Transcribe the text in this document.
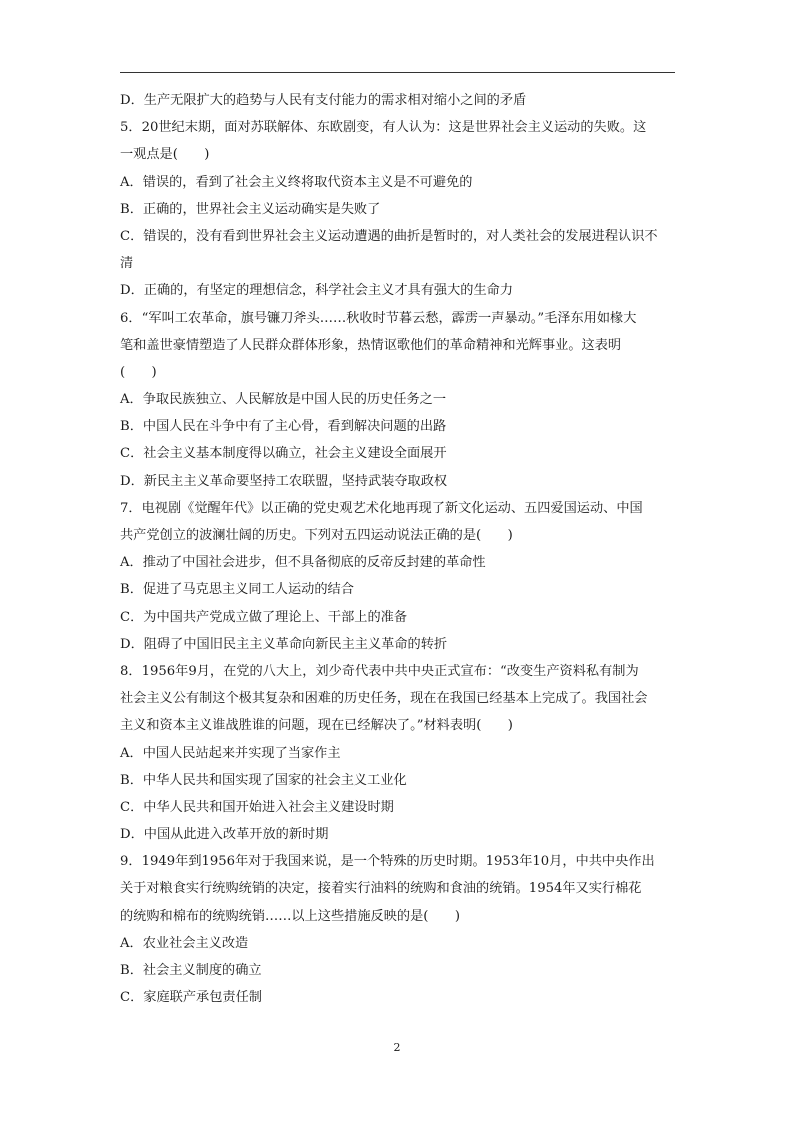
D．生产无限扩大的趋势与人民有支付能力的需求相对缩小之间的矛盾
5．20世纪末期，面对苏联解体、东欧剧变，有人认为：这是世界社会主义运动的失败。这
一观点是(　　)
A．错误的，看到了社会主义终将取代资本主义是不可避免的
B．正确的，世界社会主义运动确实是失败了
C．错误的，没有看到世界社会主义运动遭遇的曲折是暂时的，对人类社会的发展进程认识不
清
D．正确的，有坚定的理想信念，科学社会主义才具有强大的生命力
6．“军叫工农革命，旗号镰刀斧头……秋收时节暮云愁，霹雳一声暴动。”毛泽东用如椽大
笔和盖世豪情塑造了人民群众群体形象，热情讴歌他们的革命精神和光辉事业。这表明
(　　)
A．争取民族独立、人民解放是中国人民的历史任务之一
B．中国人民在斗争中有了主心骨，看到解决问题的出路
C．社会主义基本制度得以确立，社会主义建设全面展开
D．新民主主义革命要坚持工农联盟，坚持武装夺取政权
7．电视剧《觉醒年代》以正确的党史观艺术化地再现了新文化运动、五四爱国运动、中国
共产党创立的波澜壮阔的历史。下列对五四运动说法正确的是(　　)
A．推动了中国社会进步，但不具备彻底的反帝反封建的革命性
B．促进了马克思主义同工人运动的结合
C．为中国共产党成立做了理论上、干部上的准备
D．阻碍了中国旧民主主义革命向新民主主义革命的转折
8．1956年9月，在党的八大上，刘少奇代表中共中央正式宣布：“改变生产资料私有制为
社会主义公有制这个极其复杂和困难的历史任务，现在在我国已经基本上完成了。我国社会
主义和资本主义谁战胜谁的问题，现在已经解决了。”材料表明(　　)
A．中国人民站起来并实现了当家作主
B．中华人民共和国实现了国家的社会主义工业化
C．中华人民共和国开始进入社会主义建设时期
D．中国从此进入改革开放的新时期
9．1949年到1956年对于我国来说，是一个特殊的历史时期。1953年10月，中共中央作出
关于对粮食实行统购统销的决定，接着实行油料的统购和食油的统销。1954年又实行棉花
的统购和棉布的统购统销……以上这些措施反映的是(　　)
A．农业社会主义改造
B．社会主义制度的确立
C．家庭联产承包责任制
2
